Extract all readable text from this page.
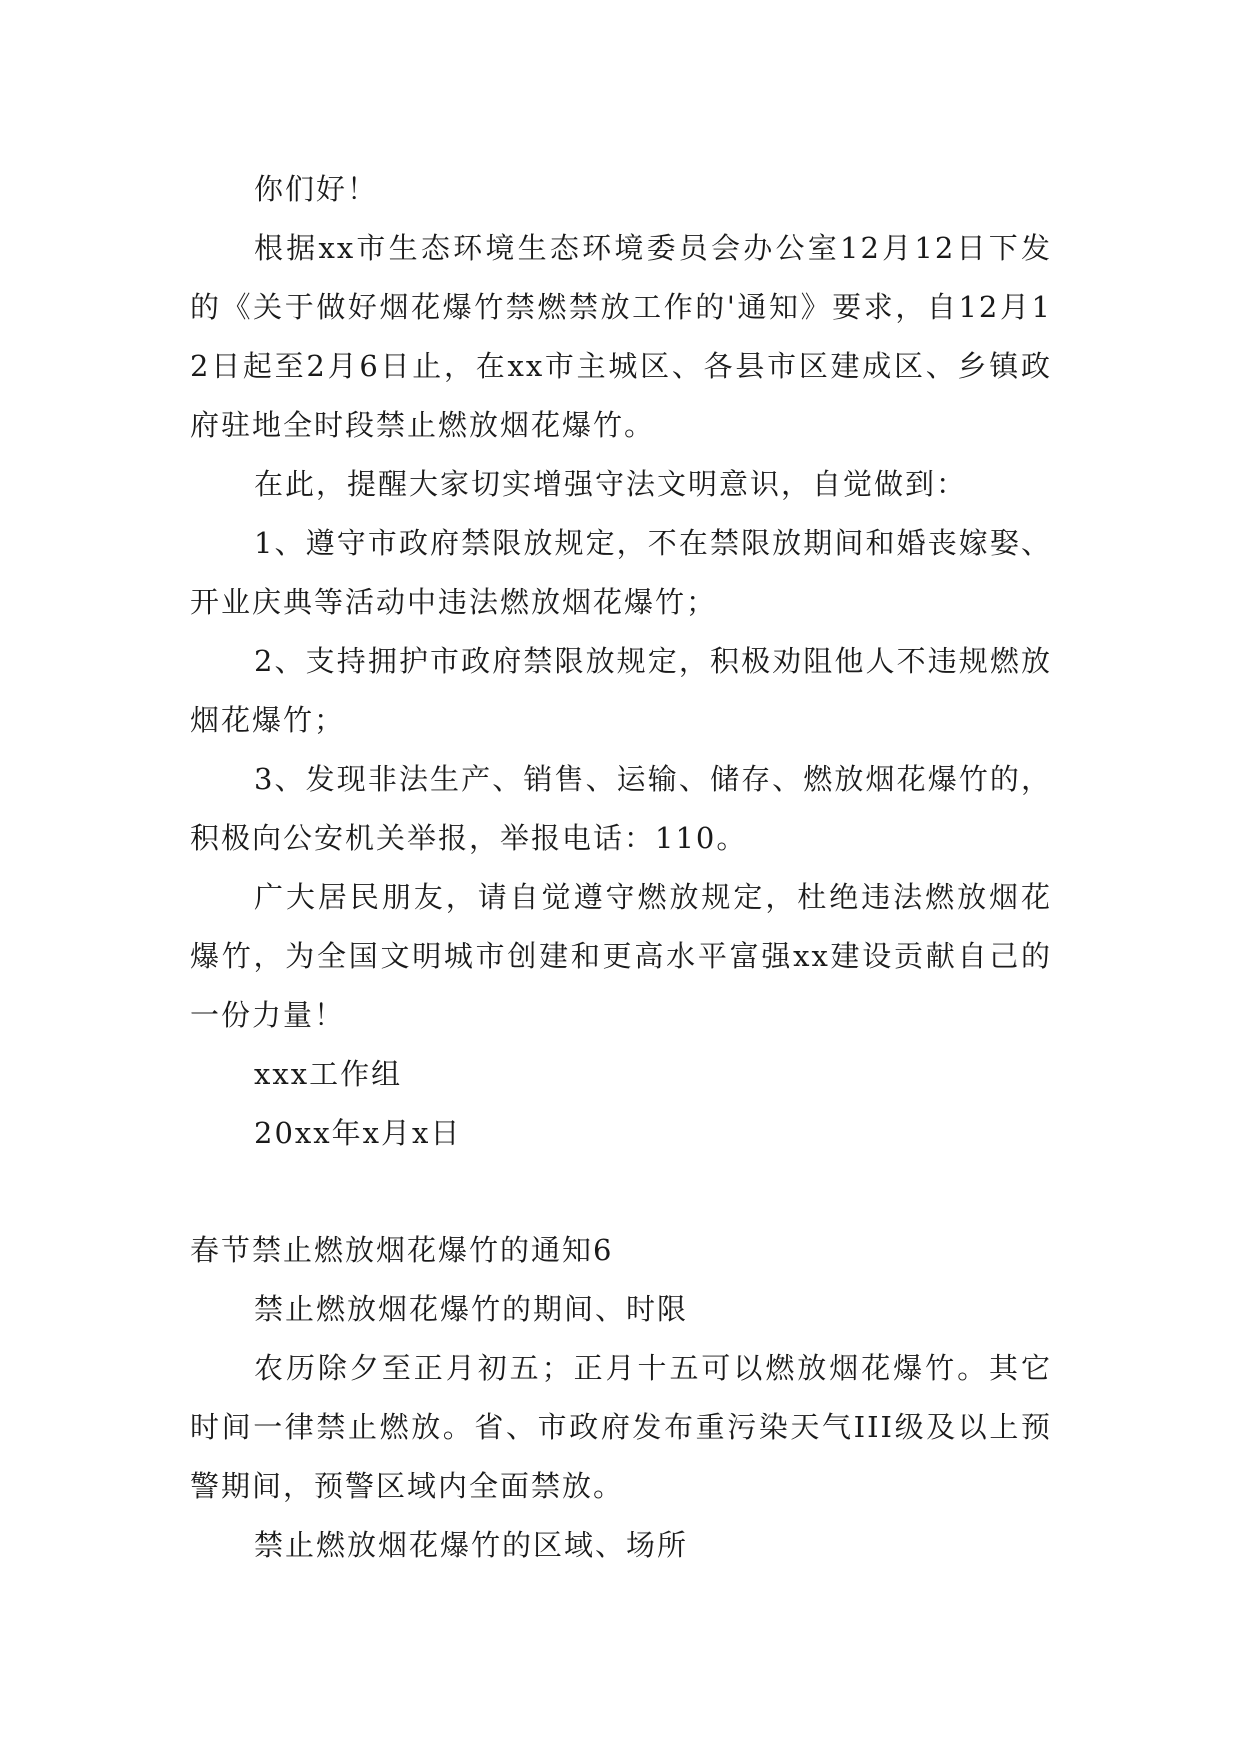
你们好！

根据xx市生态环境生态环境委员会办公室12月12日下发的《关于做好烟花爆竹禁燃禁放工作的'通知》要求，自12月12日起至2月6日止，在xx市主城区、各县市区建成区、乡镇政府驻地全时段禁止燃放烟花爆竹。

在此，提醒大家切实增强守法文明意识，自觉做到：

1、遵守市政府禁限放规定，不在禁限放期间和婚丧嫁娶、开业庆典等活动中违法燃放烟花爆竹；

2、支持拥护市政府禁限放规定，积极劝阻他人不违规燃放烟花爆竹；

3、发现非法生产、销售、运输、储存、燃放烟花爆竹的，积极向公安机关举报，举报电话：110。

广大居民朋友，请自觉遵守燃放规定，杜绝违法燃放烟花爆竹，为全国文明城市创建和更高水平富强xx建设贡献自己的一份力量！

xxx工作组

20xx年x月x日

春节禁止燃放烟花爆竹的通知6

禁止燃放烟花爆竹的期间、时限

农历除夕至正月初五；正月十五可以燃放烟花爆竹。其它时间一律禁止燃放。省、市政府发布重污染天气III级及以上预警期间，预警区域内全面禁放。

禁止燃放烟花爆竹的区域、场所
